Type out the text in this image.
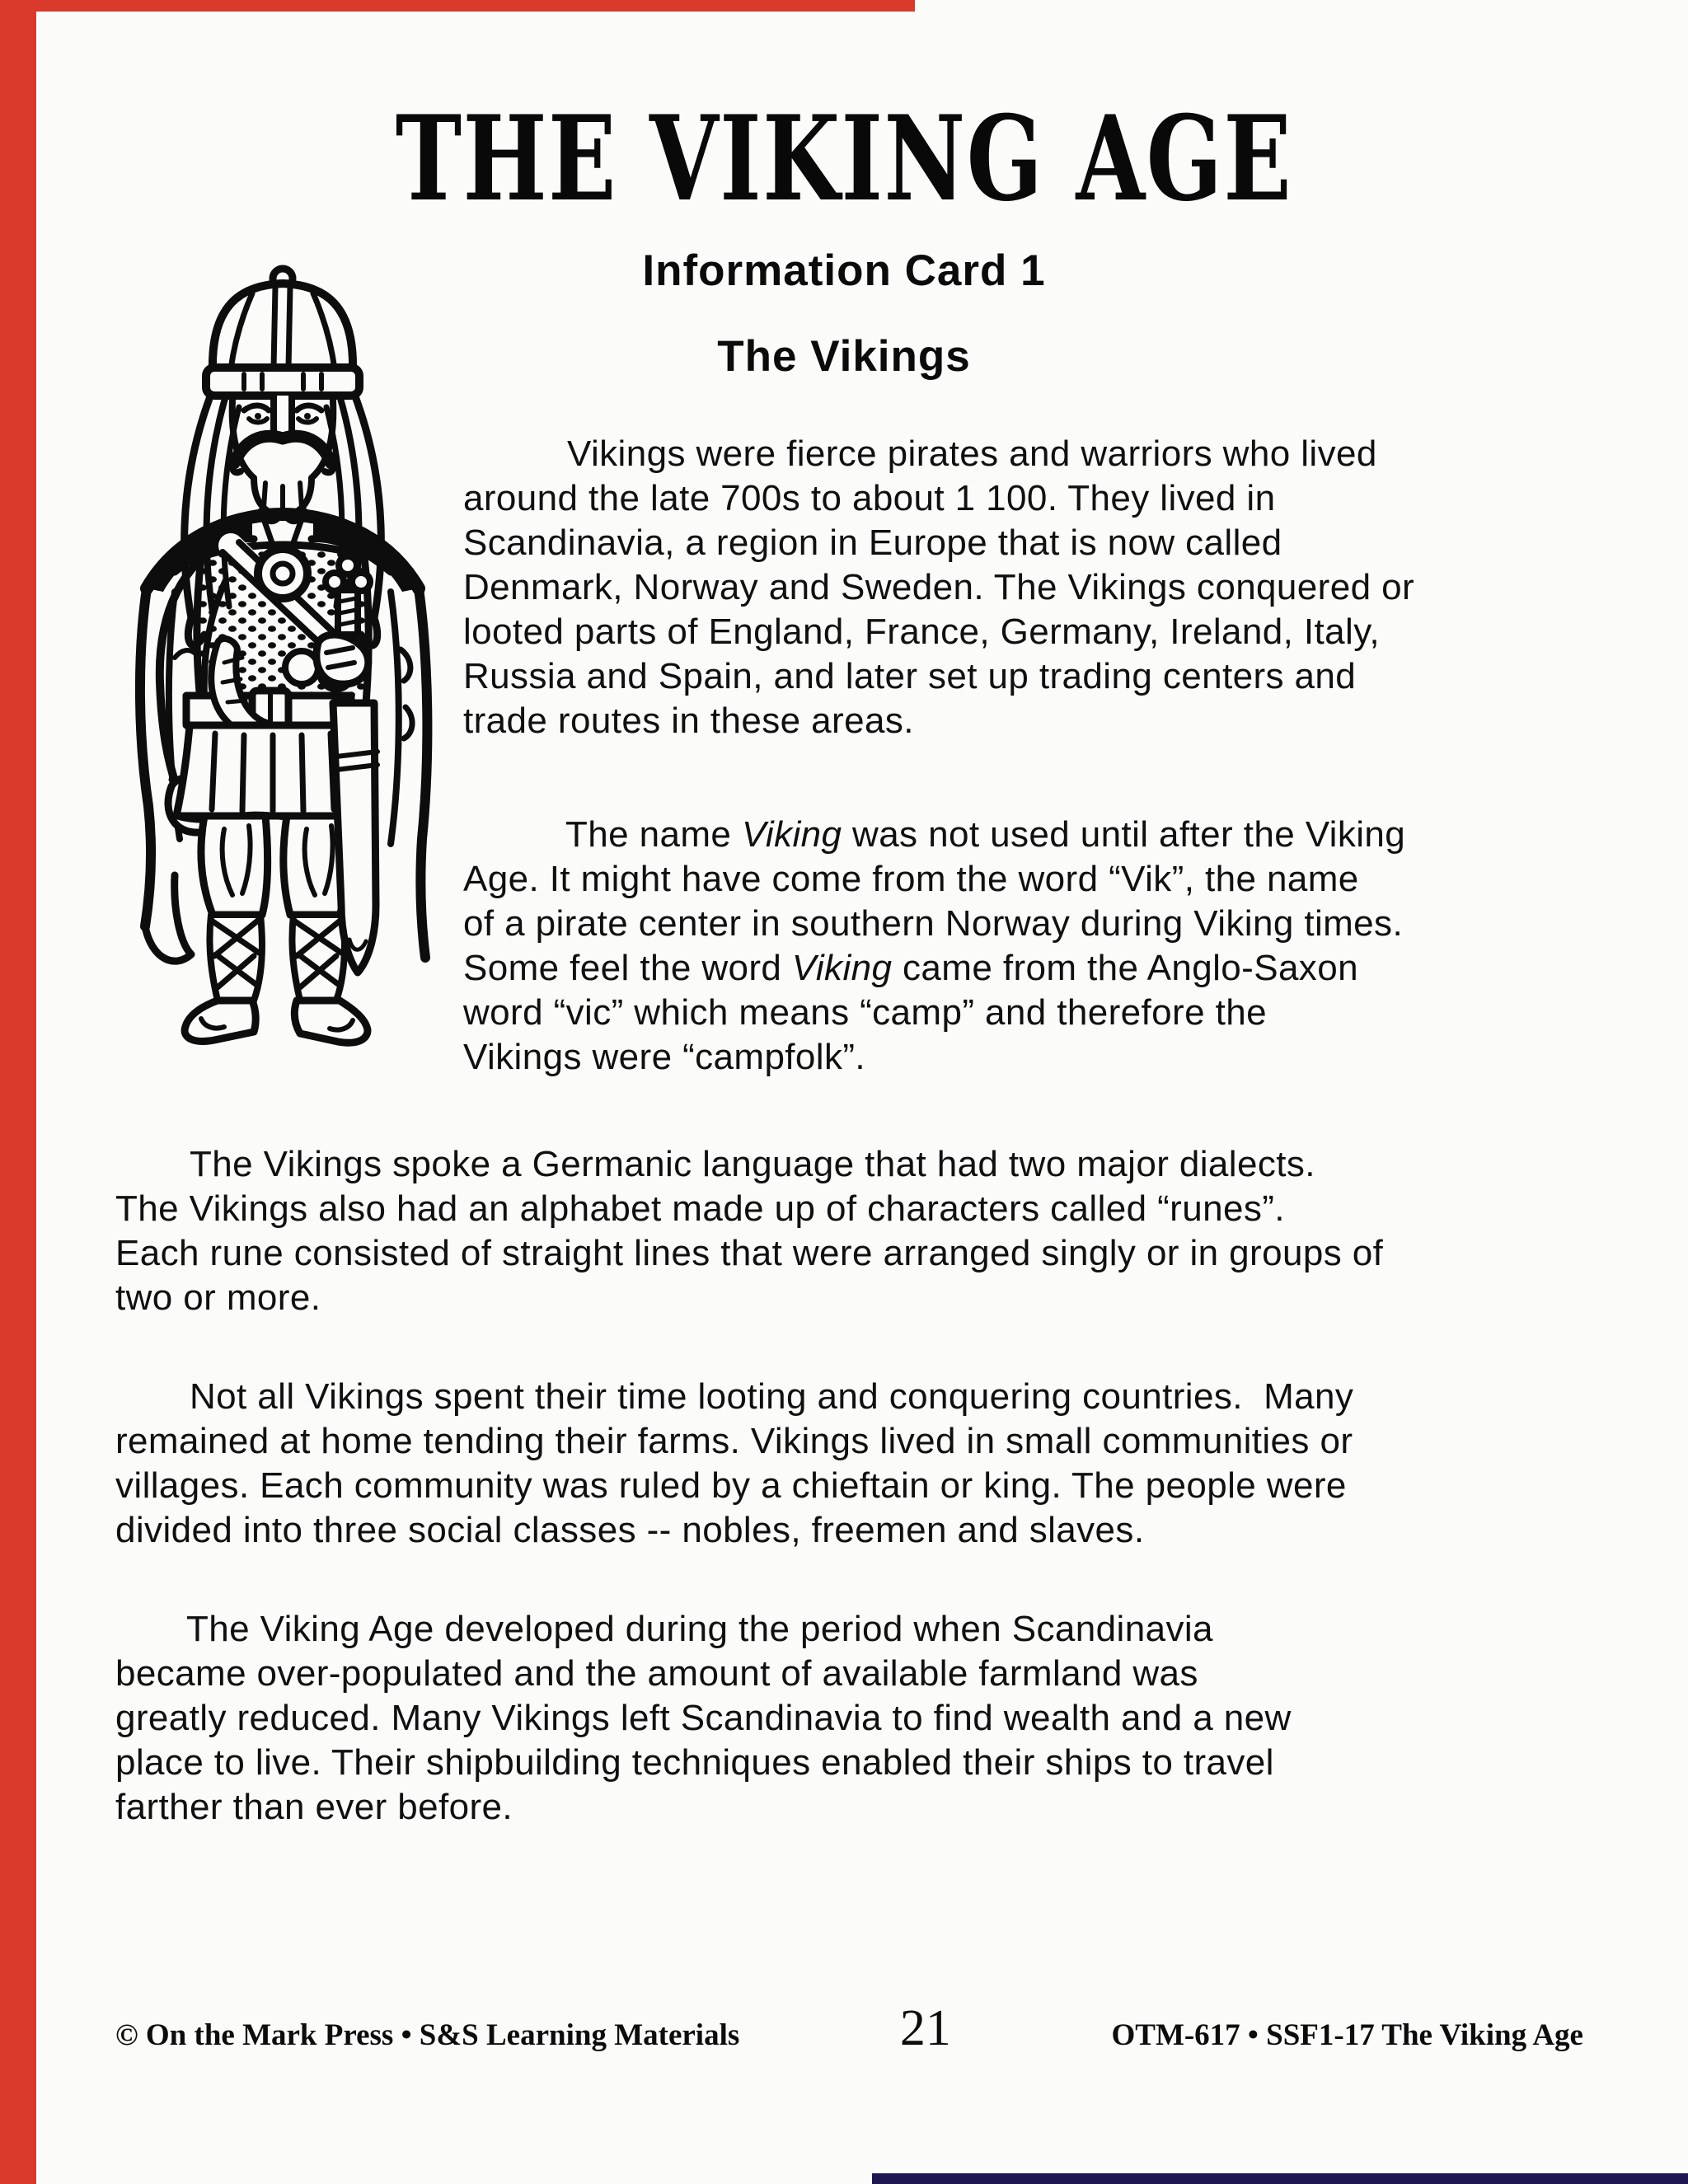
THE VIKING AGE
Information Card 1
The Vikings

Vikings were fierce pirates and warriors who lived
around the late 700s to about 1 100. They lived in
Scandinavia, a region in Europe that is now called
Denmark, Norway and Sweden. The Vikings conquered or
looted parts of England, France, Germany, Ireland, Italy,
Russia and Spain, and later set up trading centers and
trade routes in these areas.

The name Viking was not used until after the Viking
Age. It might have come from the word “Vik”, the name
of a pirate center in southern Norway during Viking times.
Some feel the word Viking came from the Anglo-Saxon
word “vic” which means “camp” and therefore the
Vikings were “campfolk”.

The Vikings spoke a Germanic language that had two major dialects.
The Vikings also had an alphabet made up of characters called “runes”.
Each rune consisted of straight lines that were arranged singly or in groups of
two or more.

Not all Vikings spent their time looting and conquering countries.  Many
remained at home tending their farms. Vikings lived in small communities or
villages. Each community was ruled by a chieftain or king. The people were
divided into three social classes -- nobles, freemen and slaves.

The Viking Age developed during the period when Scandinavia
became over-populated and the amount of available farmland was
greatly reduced. Many Vikings left Scandinavia to find wealth and a new
place to live. Their shipbuilding techniques enabled their ships to travel
farther than ever before.

© On the Mark Press • S&S Learning Materials	21	OTM-617 • SSF1-17 The Viking Age
